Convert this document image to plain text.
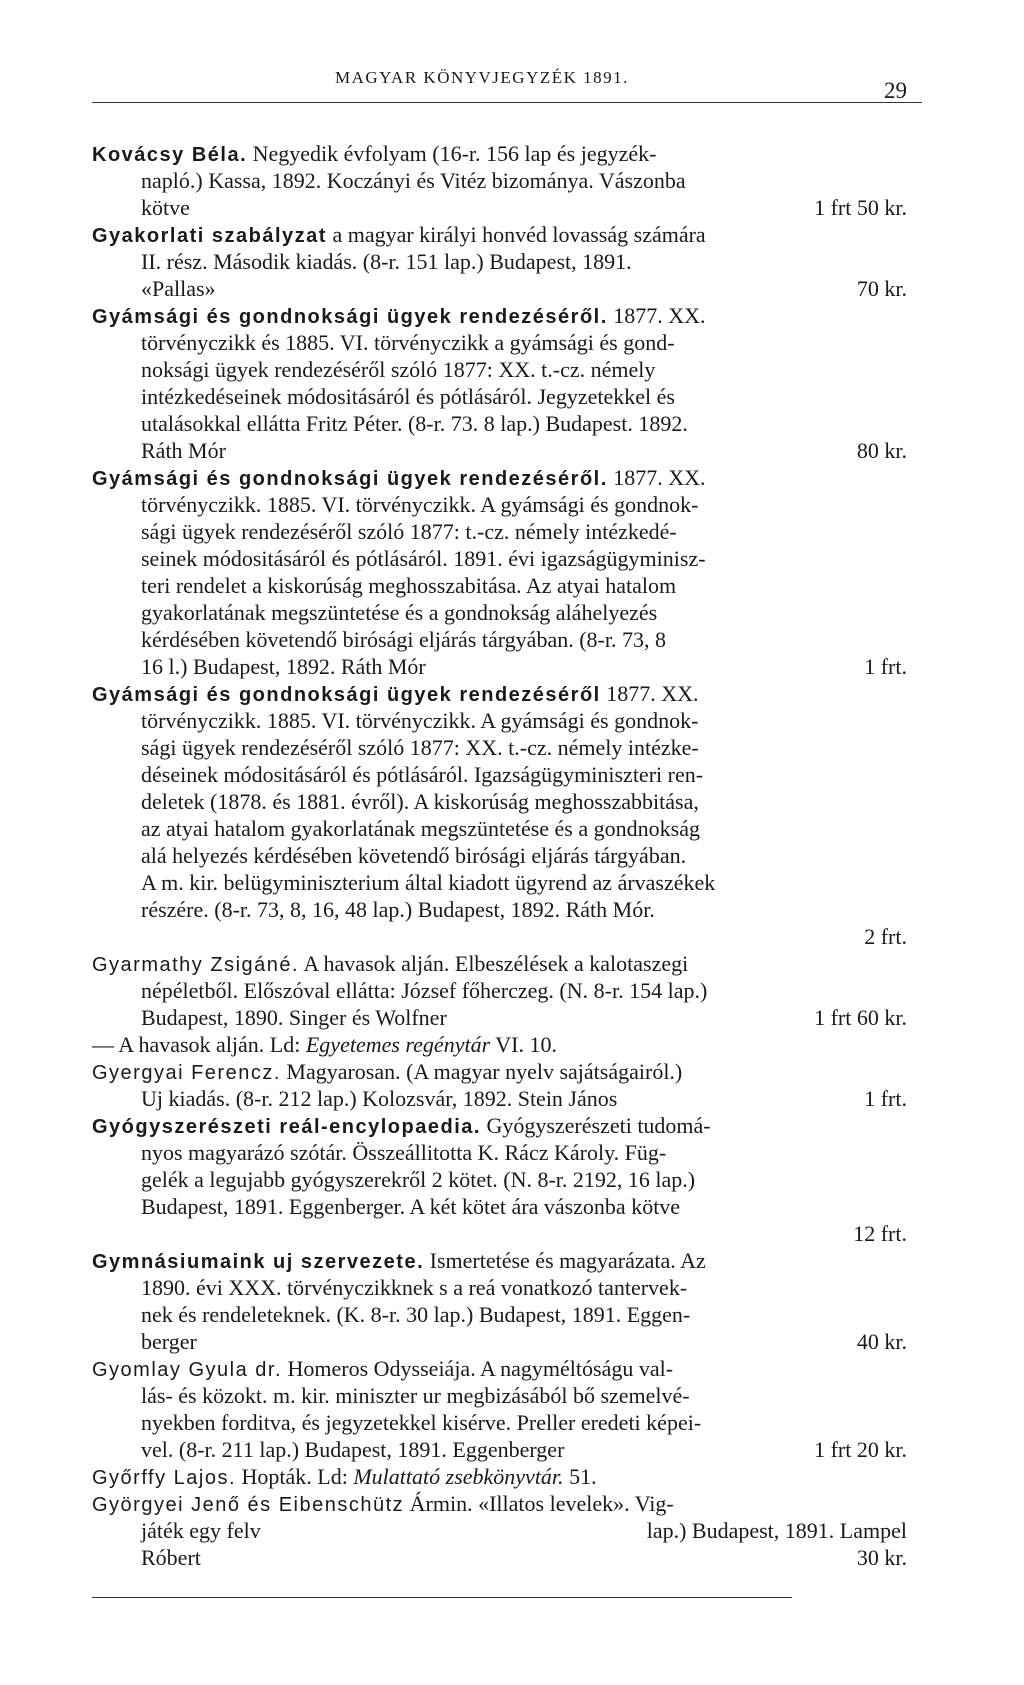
MAGYAR KÖNYVJEGYZÉK 1891.
29
Kovácsy Béla. Negyedik évfolyam (16-r. 156 lap és jegyzék-
napló.) Kassa, 1892. Koczányi és Vitéz bizománya. Vászonba
kötve	1 frt 50 kr.
Gyakorlati szabályzat a magyar királyi honvéd lovasság számára
II. rész. Második kiadás. (8-r. 151 lap.) Budapest, 1891.
«Pallas»	70 kr.
Gyámsági és gondnoksági ügyek rendezéséről. 1877. XX.
törvényczikk és 1885. VI. törvényczikk a gyámsági és gond-
noksági ügyek rendezéséről szóló 1877: XX. t.-cz. némely
intézkedéseinek módositásáról és pótlásáról. Jegyzetekkel és
utalásokkal ellátta Fritz Péter. (8-r. 73. 8 lap.) Budapest. 1892.
Ráth Mór	80 kr.
Gyámsági és gondnoksági ügyek rendezéséről. 1877. XX.
törvényczikk. 1885. VI. törvényczikk. A gyámsági és gondnok-
sági ügyek rendezéséről szóló 1877: t.-cz. némely intézkedé-
seinek módositásáról és pótlásáról. 1891. évi igazságügyminisz-
teri rendelet a kiskorúság meghosszabitása. Az atyai hatalom
gyakorlatának megszüntetése és a gondnokság aláhelyezés
kérdésében követendő birósági eljárás tárgyában. (8-r. 73, 8
16 l.) Budapest, 1892. Ráth Mór	1 frt.
Gyámsági és gondnoksági ügyek rendezéséről 1877. XX.
törvényczikk. 1885. VI. törvényczikk. A gyámsági és gondnok-
sági ügyek rendezéséről szóló 1877: XX. t.-cz. némely intézke-
déseinek módositásáról és pótlásáról. Igazságügyminiszteri ren-
deletek (1878. és 1881. évről). A kiskorúság meghosszabbitása,
az atyai hatalom gyakorlatának megszüntetése és a gondnokság
alá helyezés kérdésében követendő birósági eljárás tárgyában.
A m. kir. belügyminiszterium által kiadott ügyrend az árvaszékek
részére. (8-r. 73, 8, 16, 48 lap.) Budapest, 1892. Ráth Mór.
2 frt.
Gyarmathy Zsigáné. A havasok alján. Elbeszélések a kalotaszegi
népéletből. Előszóval ellátta: József főherczeg. (N. 8-r. 154 lap.)
Budapest, 1890. Singer és Wolfner	1 frt 60 kr.
— A havasok alján. Ld: Egyetemes regénytár VI. 10.
Gyergyai Ferencz. Magyarosan. (A magyar nyelv sajátságairól.)
Uj kiadás. (8-r. 212 lap.) Kolozsvár, 1892. Stein János	1 frt.
Gyógyszerészeti reál-encylopaedia. Gyógyszerészeti tudomá-
nyos magyarázó szótár. Összeállitotta K. Rácz Károly. Füg-
gelék a legujabb gyógyszerekről 2 kötet. (N. 8-r. 2192, 16 lap.)
Budapest, 1891. Eggenberger. A két kötet ára vászonba kötve
12 frt.
Gymnásiumaink uj szervezete. Ismertetése és magyarázata. Az
1890. évi XXX. törvényczikknek s a reá vonatkozó tantervek-
nek és rendeleteknek. (K. 8-r. 30 lap.) Budapest, 1891. Eggen-
berger	40 kr.
Gyomlay Gyula dr. Homeros Odysseiája. A nagyméltóságu val-
lás- és közokt. m. kir. miniszter ur megbizásából bő szemelvé-
nyekben forditva, és jegyzetekkel kisérve. Preller eredeti képei-
vel. (8-r. 211 lap.) Budapest, 1891. Eggenberger	1 frt 20 kr.
Győrffy Lajos. Hopták. Ld: Mulattató zsebkönyvtár. 51.
Györgyei Jenő és Eibenschütz Ármin. «Illatos levelek». Vig-
játék egy felv	lap.) Budapest, 1891. Lampel
Róbert	30 kr.
